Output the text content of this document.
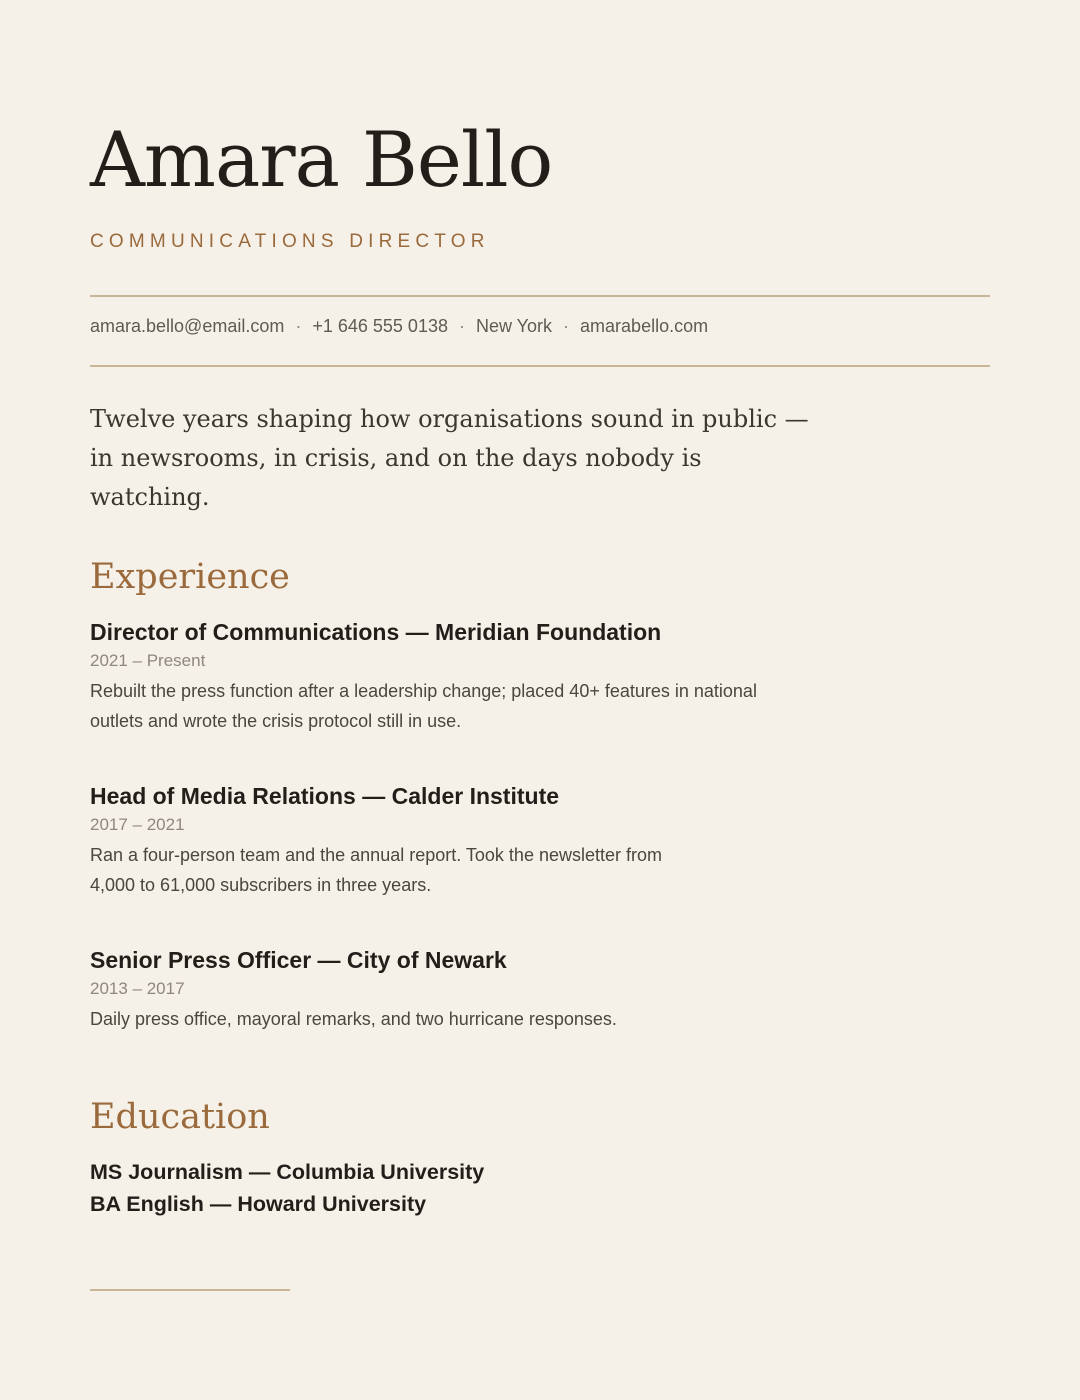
Amara Bello
COMMUNICATIONS DIRECTOR
amara.bello@email.com · +1 646 555 0138 · New York · amarabello.com

Twelve years shaping how organisations sound in public — in newsrooms, in crisis, and on the days nobody is watching.

Experience
Director of Communications — Meridian Foundation
2021 – Present

Rebuilt the press function after a leadership change; placed 40+ features in national outlets and wrote the crisis protocol still in use.

Head of Media Relations — Calder Institute
2017 – 2021

Ran a four-person team and the annual report. Took the newsletter from 4,000 to 61,000 subscribers in three years.

Senior Press Officer — City of Newark
2013 – 2017

Daily press office, mayoral remarks, and two hurricane responses.

Education
MS Journalism — Columbia University
BA English — Howard University
